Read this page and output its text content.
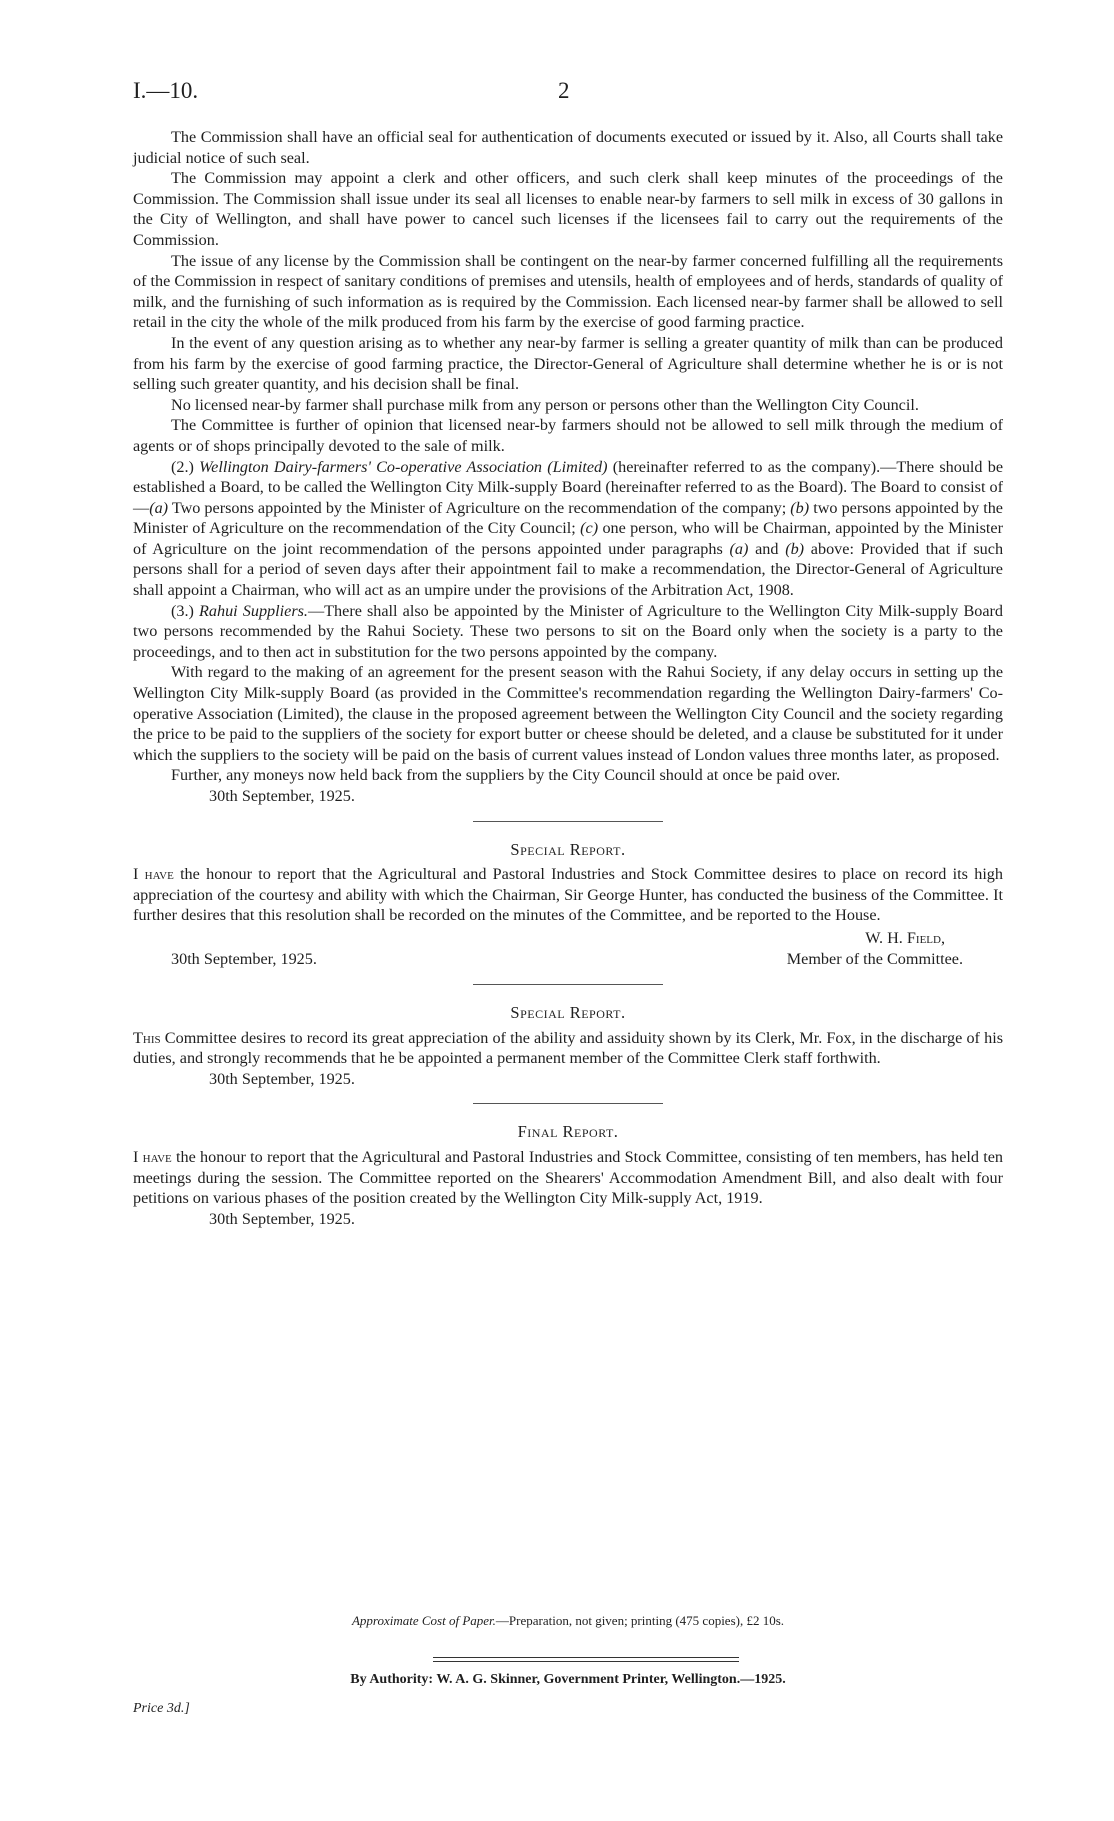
I.—10.	2

The Commission shall have an official seal for authentication of documents executed or issued by it. Also, all Courts shall take judicial notice of such seal.

The Commission may appoint a clerk and other officers, and such clerk shall keep minutes of the proceedings of the Commission. The Commission shall issue under its seal all licenses to enable near-by farmers to sell milk in excess of 30 gallons in the City of Wellington, and shall have power to cancel such licenses if the licensees fail to carry out the requirements of the Commission.

The issue of any license by the Commission shall be contingent on the near-by farmer concerned fulfilling all the requirements of the Commission in respect of sanitary conditions of premises and utensils, health of employees and of herds, standards of quality of milk, and the furnishing of such information as is required by the Commission. Each licensed near-by farmer shall be allowed to sell retail in the city the whole of the milk produced from his farm by the exercise of good farming practice.

In the event of any question arising as to whether any near-by farmer is selling a greater quantity of milk than can be produced from his farm by the exercise of good farming practice, the Director-General of Agriculture shall determine whether he is or is not selling such greater quantity, and his decision shall be final.

No licensed near-by farmer shall purchase milk from any person or persons other than the Wellington City Council.

The Committee is further of opinion that licensed near-by farmers should not be allowed to sell milk through the medium of agents or of shops principally devoted to the sale of milk.

(2.) Wellington Dairy-farmers' Co-operative Association (Limited) (hereinafter referred to as the company).—There should be established a Board, to be called the Wellington City Milk-supply Board (hereinafter referred to as the Board). The Board to consist of—(a) Two persons appointed by the Minister of Agriculture on the recommendation of the company; (b) two persons appointed by the Minister of Agriculture on the recommendation of the City Council; (c) one person, who will be Chairman, appointed by the Minister of Agriculture on the joint recommendation of the persons appointed under paragraphs (a) and (b) above: Provided that if such persons shall for a period of seven days after their appointment fail to make a recommendation, the Director-General of Agriculture shall appoint a Chairman, who will act as an umpire under the provisions of the Arbitration Act, 1908.

(3.) Rahui Suppliers.—There shall also be appointed by the Minister of Agriculture to the Wellington City Milk-supply Board two persons recommended by the Rahui Society. These two persons to sit on the Board only when the society is a party to the proceedings, and to then act in substitution for the two persons appointed by the company.

With regard to the making of an agreement for the present season with the Rahui Society, if any delay occurs in setting up the Wellington City Milk-supply Board (as provided in the Committee's recommendation regarding the Wellington Dairy-farmers' Co-operative Association (Limited), the clause in the proposed agreement between the Wellington City Council and the society regarding the price to be paid to the suppliers of the society for export butter or cheese should be deleted, and a clause be substituted for it under which the suppliers to the society will be paid on the basis of current values instead of London values three months later, as proposed.

Further, any moneys now held back from the suppliers by the City Council should at once be paid over.

30th September, 1925.

Special Report.

I have the honour to report that the Agricultural and Pastoral Industries and Stock Committee desires to place on record its high appreciation of the courtesy and ability with which the Chairman, Sir George Hunter, has conducted the business of the Committee. It further desires that this resolution shall be recorded on the minutes of the Committee, and be reported to the House.

W. H. Field,
30th September, 1925.	Member of the Committee.
Special Report.

This Committee desires to record its great appreciation of the ability and assiduity shown by its Clerk, Mr. Fox, in the discharge of his duties, and strongly recommends that he be appointed a permanent member of the Committee Clerk staff forthwith.

30th September, 1925.

Final Report.

I have the honour to report that the Agricultural and Pastoral Industries and Stock Committee, consisting of ten members, has held ten meetings during the session. The Committee reported on the Shearers' Accommodation Amendment Bill, and also dealt with four petitions on various phases of the position created by the Wellington City Milk-supply Act, 1919.

30th September, 1925.

Approximate Cost of Paper.—Preparation, not given; printing (475 copies), £2 10s.
By Authority: W. A. G. Skinner, Government Printer, Wellington.—1925.
Price 3d.]
